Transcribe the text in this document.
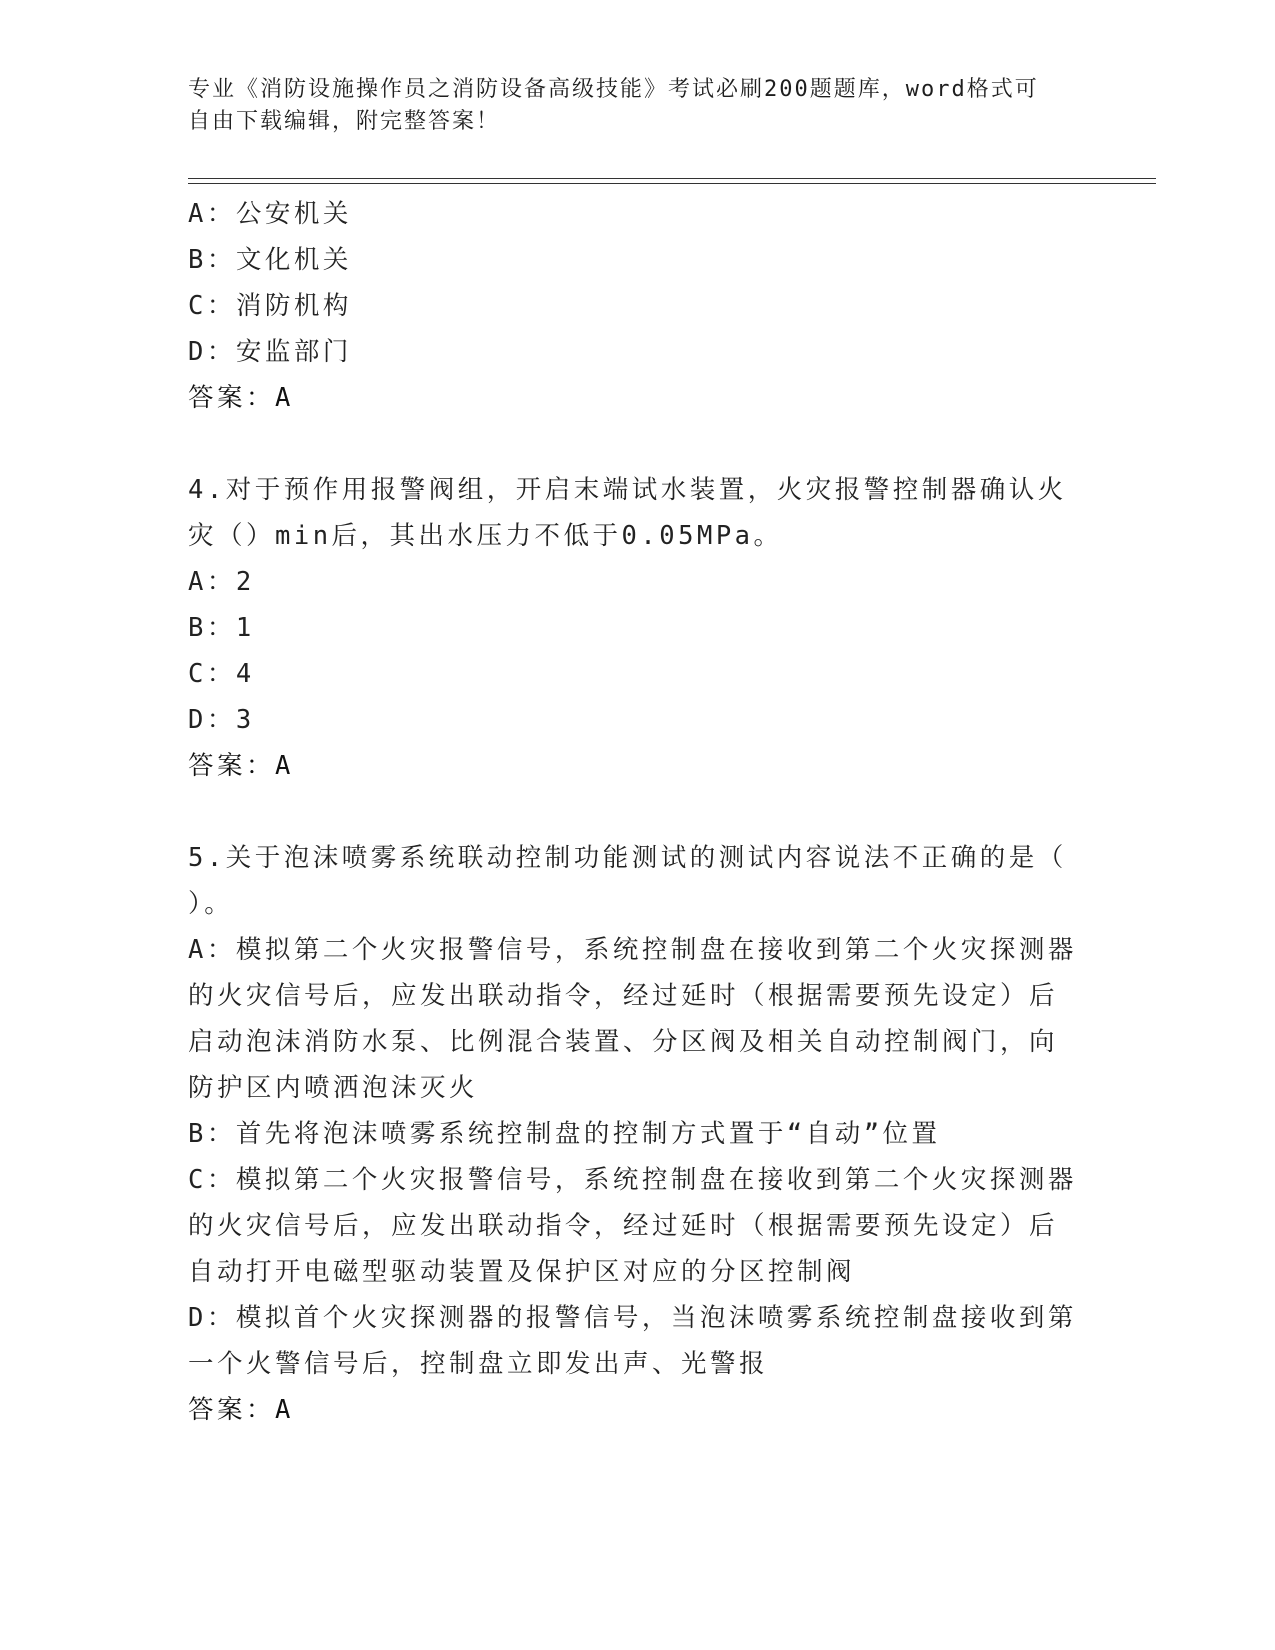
专业《消防设施操作员之消防设备高级技能》考试必刷200题题库，word格式可
自由下载编辑，附完整答案！
A：公安机关
B：文化机关
C：消防机构
D：安监部门
答案：A
4.对于预作用报警阀组，开启末端试水装置，火灾报警控制器确认火
灾（）min后，其出水压力不低于0.05MPa。
A：2
B：1
C：4
D：3
答案：A
5.关于泡沫喷雾系统联动控制功能测试的测试内容说法不正确的是（
）。
A：模拟第二个火灾报警信号，系统控制盘在接收到第二个火灾探测器
的火灾信号后，应发出联动指令，经过延时（根据需要预先设定）后
启动泡沫消防水泵、比例混合装置、分区阀及相关自动控制阀门，向
防护区内喷洒泡沫灭火
B：首先将泡沫喷雾系统控制盘的控制方式置于“自动”位置
C：模拟第二个火灾报警信号，系统控制盘在接收到第二个火灾探测器
的火灾信号后，应发出联动指令，经过延时（根据需要预先设定）后
自动打开电磁型驱动装置及保护区对应的分区控制阀
D：模拟首个火灾探测器的报警信号，当泡沫喷雾系统控制盘接收到第
一个火警信号后，控制盘立即发出声、光警报
答案：A
